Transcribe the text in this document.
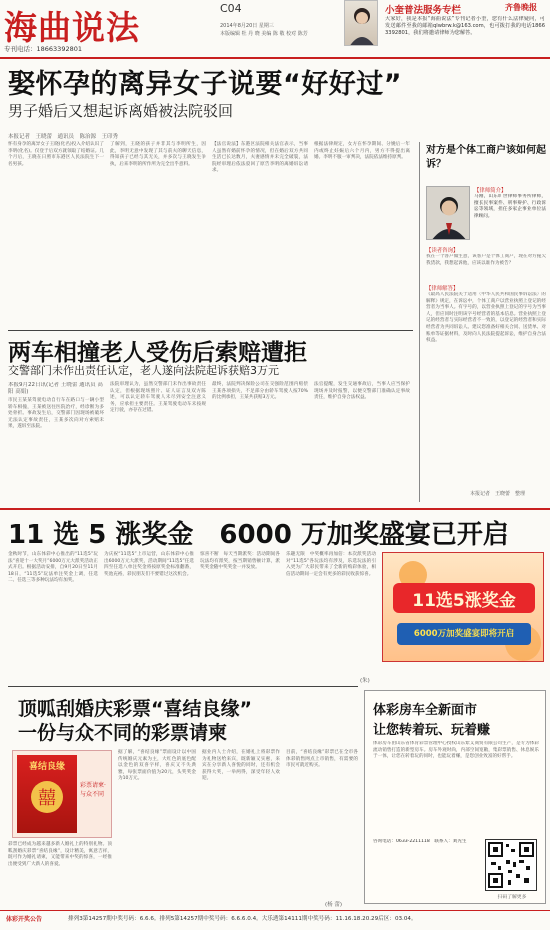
海曲说法	C04
2014年8月20日 星期三
本版编辑 牡 丹 晓 美编 陈 敬 校对 陈芳
专刊电话：18663392801
小奎普法服务专栏	齐鲁晚报
大家好，我是本报“海曲说法”专刊记者小奎，您有什么法律疑问，可发送邮件至我的邮箱qlwbrw.k@163.com，也可拨打我的电话18663392801，我们将邀请律师为您解答。
娶怀孕的离异女子说要“好好过”
男子婚后又想起诉离婚被法院驳回
本报记者　王晓蕾　通讯员　陈治源　王印秀
怀有身孕的离异女子王晓(化名)投入介绍认识了李明(化名)。仅登于后双方就领取了结婚证。几个月后，王晓在日照市东港区人民法院生下一名男孩。
了解到，王晓的孩子并非其与李明所生，因此，李明无意中发现了其与前夫的聊天信息，得知孩子已经与其无关，并多次与王晓发生争执，后来李明的所作所为完全出乎意料。
【法官说法】东港区法院相关法官表示，当事人虽然有婚前怀孕的情况，但在婚后双方共同生活已长达数月，夫妻感情并未完全破裂，法院经审理后依法驳回了原告李明的离婚诉讼请求。
根据法律规定，女方在怀孕期间、分娩后一年内或终止妊娠后六个月内，男方不得提出离婚。李明不服一审判决，法院依法维持原判。
对方是个体工商户该如何起诉？
【律师简介】
马刚，山东旷世律师事务所律师，擅长民事案件、刑事辩护、行政诉讼等领域，担任多家企事业单位法律顾问。
【读者咨询】
我在一个客户做生意，该客户是个体工商户，现在对方拖欠我货款，我想起诉他，应该以谁作为被告？
【律师解答】
《最高人民法院关于适用〈中华人民共和国民事诉讼法〉的解释》规定，在诉讼中，个体工商户以营业执照上登记的经营者为当事人。有字号的，以营业执照上登记的字号为当事人，但应同时注明该字号经营者的基本信息。营业执照上登记的经营者与实际经营者不一致的，以登记的经营者和实际经营者为共同诉讼人。建议您准备好相关合同、送货单、对账单等证据材料，及时向人民法院提起诉讼，维护自身合法权益。
本报记者　王晓蕾　整理
两车相撞老人受伤后索赔遭拒
交警部门未作出责任认定，老人遂向法院起诉获赔3万元
本报9月22日讯(记者 王晓蕾 通讯员 高阳 高娟)
市民王某某驾驶电动自行车在路口与一辆小型轿车相撞，王某被送往医院治疗，经诊断为多处骨折。事故发生后，交警部门因现场被破坏无法认定事故责任，王某多次向对方索赔未果，遂诉至法院。
法院审理认为，虽然交警部门未作出事故责任认定，但根据现场照片、证人证言及双方陈述，可以认定轿车驾驶人未尽到安全注意义务，应承担主要责任。王某驾驶电动车未按规定行驶，亦存在过错。
最终，法院判决保险公司在交强险范围内赔偿王某各项损失，不足部分由轿车驾驶人按70%的比例承担，王某共获赔3万元。
法官提醒，发生交通事故后，当事人应当保护现场并及时报警，以便交警部门准确认定事故责任，维护自身合法权益。
11 选 5 涨奖金　6000 万加奖盛宴已开启
金秋时节，山东体彩中心推出的“11选5”玩法“喜迎十一大奖月”6000万元大派奖活动正式开启。根据活动安排，自9月20日至11月18日，“11选5”玩法单注奖金上调，任选二、任选三等多种玩法均有加奖。
为庆祝“11选5”上市运营，山东体彩中心推出6000万元大派奖，活动期间“11选5”任选四至任选八单注奖金将按原奖金标准翻番，奖池充裕，彩民朋友们不要错过这次机会。
惊喜不断　每天当期派奖：活动期间各玩法均有派奖，按当期销售额计算，派奖奖金随中奖奖金一并发放。
乐趣无限　中奖概率再加倍：本次派奖活动对“11选5”各玩法均有涉及，乐选玩法的引入更为广大彩民带来了全新的购彩体验，相信活动期间一定会有更多的彩民收获惊喜。
11选5涨奖金
6000万加奖盛宴即将开启
(朱)
顶呱刮婚庆彩票“喜结良缘”
一份与众不同的彩票请柬
喜结良缘
囍
彩票请柬·与众不同
彩票已经成为越来越多新人婚礼上的特别礼物。顶呱刮婚庆彩票“喜结良缘”，设计精美，寓意吉祥，既可作为婚礼请柬，又能带来中奖的惊喜，一经推出便受到广大新人的喜爱。
据了解，“喜结良缘”票面设计以中国传统婚庆元素为主，大红色的底色配以金色的双喜字样，喜庆又不失典雅，每张票面价值为20元，头奖奖金为10万元。
据业内人士介绍，在婚礼上将彩票作为礼物送给来宾，既新颖又实惠，来宾在分享新人喜悦的同时，还有机会获得大奖，一举两得，深受年轻人欢迎。
目前，“喜结良缘”彩票已在全市各体彩销售网点上市销售，有需要的市民可就近购买。
(杨 蕾)
体彩房车全新面市
让您转着玩、玩着赚
体彩房车由山东省体育彩票管理中心授权山东紫艾商贸有限公司生产，是专为体彩流动销售打造的新型房车。房车外观时尚，内部空间宽敞，集彩票销售、休息娱乐于一体，让您在转着玩的同时，也能玩着赚，是您创业致富的好帮手。
咨询电话：0633-2211118　联系人：刘先生
扫码了解更多
体彩开奖公告	排列3第14257期中奖号码：6.6.6。排列5第14257期中奖号码：6.6.6.0.4。大乐透第14111期中奖号码：11.16.18.20.29后区：03.04。
